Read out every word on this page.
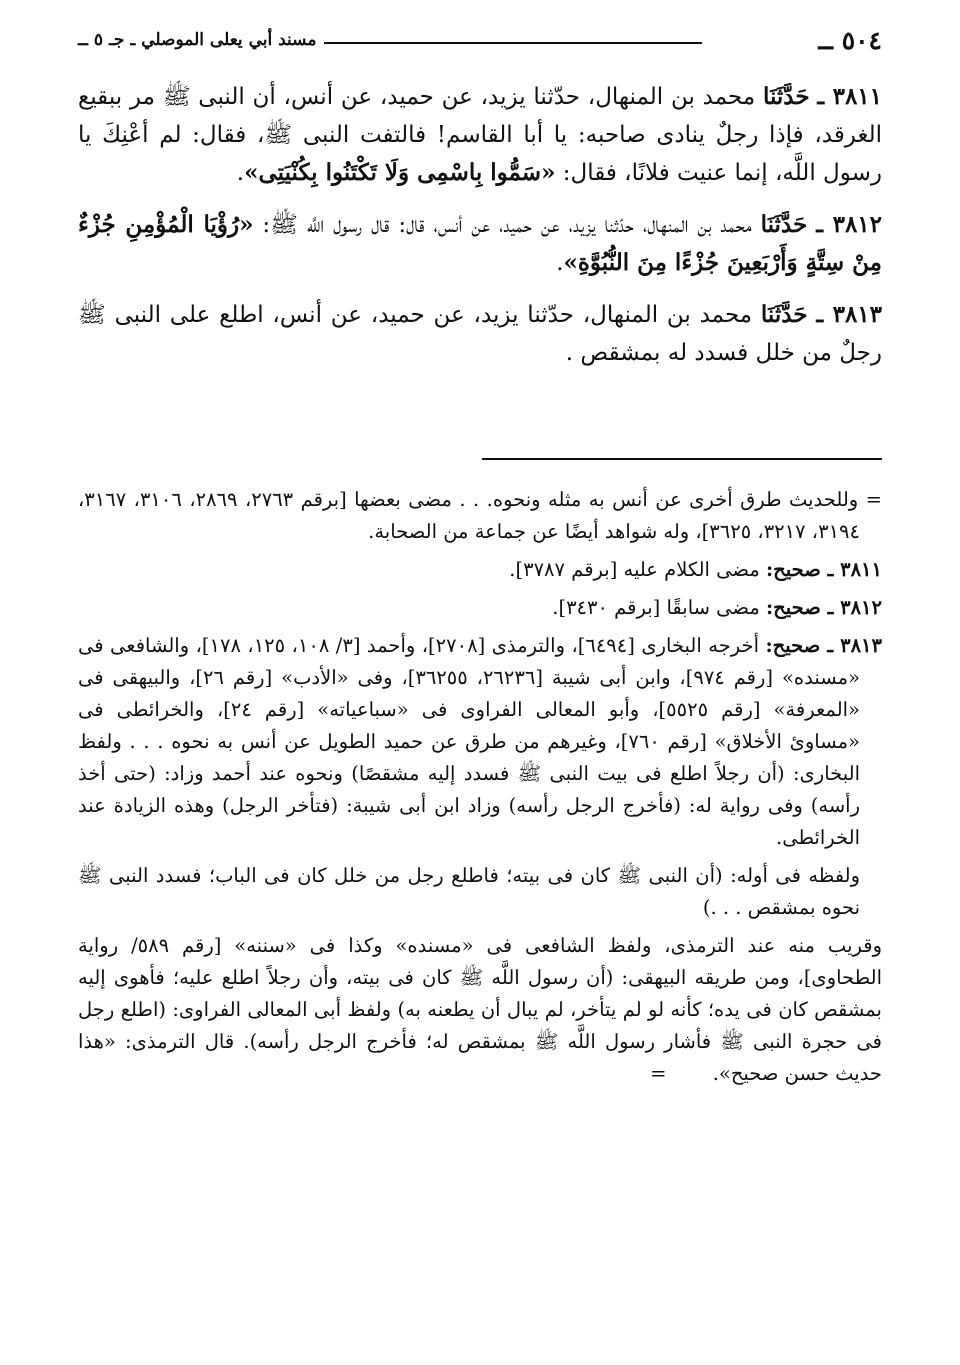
٥٠٤ ــ
مسند أبي يعلى الموصلي ـ جـ ٥ ــ

٣٨١١ ـ حَدَّثَنَا محمد بن المنهال، حدّثنا يزيد، عن حميد، عن أنس، أن النبى ﷺ مر ببقيع الغرقد، فإذا رجلٌ ينادى صاحبه: يا أبا القاسم! فالتفت النبى ﷺ، فقال: لم أعْنِكَ يا رسول اللَّه، إنما عنيت فلانًا، فقال: «سَمُّوا بِاسْمِى وَلَا تَكْتَنُوا بِكُنْيَتِى».

٣٨١٢ ـ حَدَّثَنَا محمد بن المنهال، حدّثنا يزيد، عن حميد، عن أنس، قال: قال رسول اللَّه ﷺ: «رُؤْيَا الْمُؤْمِنِ جُزْءٌ مِنْ سِتَّةٍ وَأَرْبَعِينَ جُزْءًا مِنَ النُّبُوَّةِ».

٣٨١٣ ـ حَدَّثَنَا محمد بن المنهال، حدّثنا يزيد، عن حميد، عن أنس، اطلع على النبى ﷺ رجلٌ من خلل فسدد له بمشقص .

= وللحديث طرق أخرى عن أنس به مثله ونحوه. . . مضى بعضها [برقم ٢٧٦٣، ٢٨٦٩، ٣١٠٦، ٣١٦٧، ٣١٩٤، ٣٢١٧، ٣٦٢٥]، وله شواهد أيضًا عن جماعة من الصحابة.

٣٨١١ ـ صحيح: مضى الكلام عليه [برقم ٣٧٨٧].

٣٨١٢ ـ صحيح: مضى سابقًا [برقم ٣٤٣٠].

٣٨١٣ ـ صحيح: أخرجه البخارى [٦٤٩٤]، والترمذى [٢٧٠٨]، وأحمد [٣/ ١٠٨، ١٢٥، ١٧٨]، والشافعى فى «مسنده» [رقم ٩٧٤]، وابن أبى شيبة [٢٦٢٣٦، ٣٦٢٥٥]، وفى «الأدب» [رقم ٢٦]، والبيهقى فى «المعرفة» [رقم ٥٥٢٥]، وأبو المعالى الفراوى فى «سباعياته» [رقم ٢٤]، والخرائطى فى «مساوئ الأخلاق» [رقم ٧٦٠]، وغيرهم من طرق عن حميد الطويل عن أنس به نحوه . . . ولفظ البخارى: (أن رجلاً اطلع فى بيت النبى ﷺ فسدد إليه مشقصًا) ونحوه عند أحمد وزاد: (حتى أخذ رأسه) وفى رواية له: (فأخرج الرجل رأسه) وزاد ابن أبى شيبة: (فتأخر الرجل) وهذه الزيادة عند الخرائطى.

ولفظه فى أوله: (أن النبى ﷺ كان فى بيته؛ فاطلع رجل من خلل كان فى الباب؛ فسدد النبى ﷺ نحوه بمشقص . . .)

وقريب منه عند الترمذى، ولفظ الشافعى فى «مسنده» وكذا فى «سننه» [رقم ٥٨٩/ رواية الطحاوى]، ومن طريقه البيهقى: (أن رسول اللَّه ﷺ كان فى بيته، وأن رجلاً اطلع عليه؛ فأهوى إليه بمشقص كان فى يده؛ كأنه لو لم يتأخر، لم يبال أن يطعنه به) ولفظ أبى المعالى الفراوى: (اطلع رجل فى حجرة النبى ﷺ فأشار رسول اللَّه ﷺ بمشقص له؛ فأخرج الرجل رأسه). قال الترمذى: «هذا حديث حسن صحيح». =
